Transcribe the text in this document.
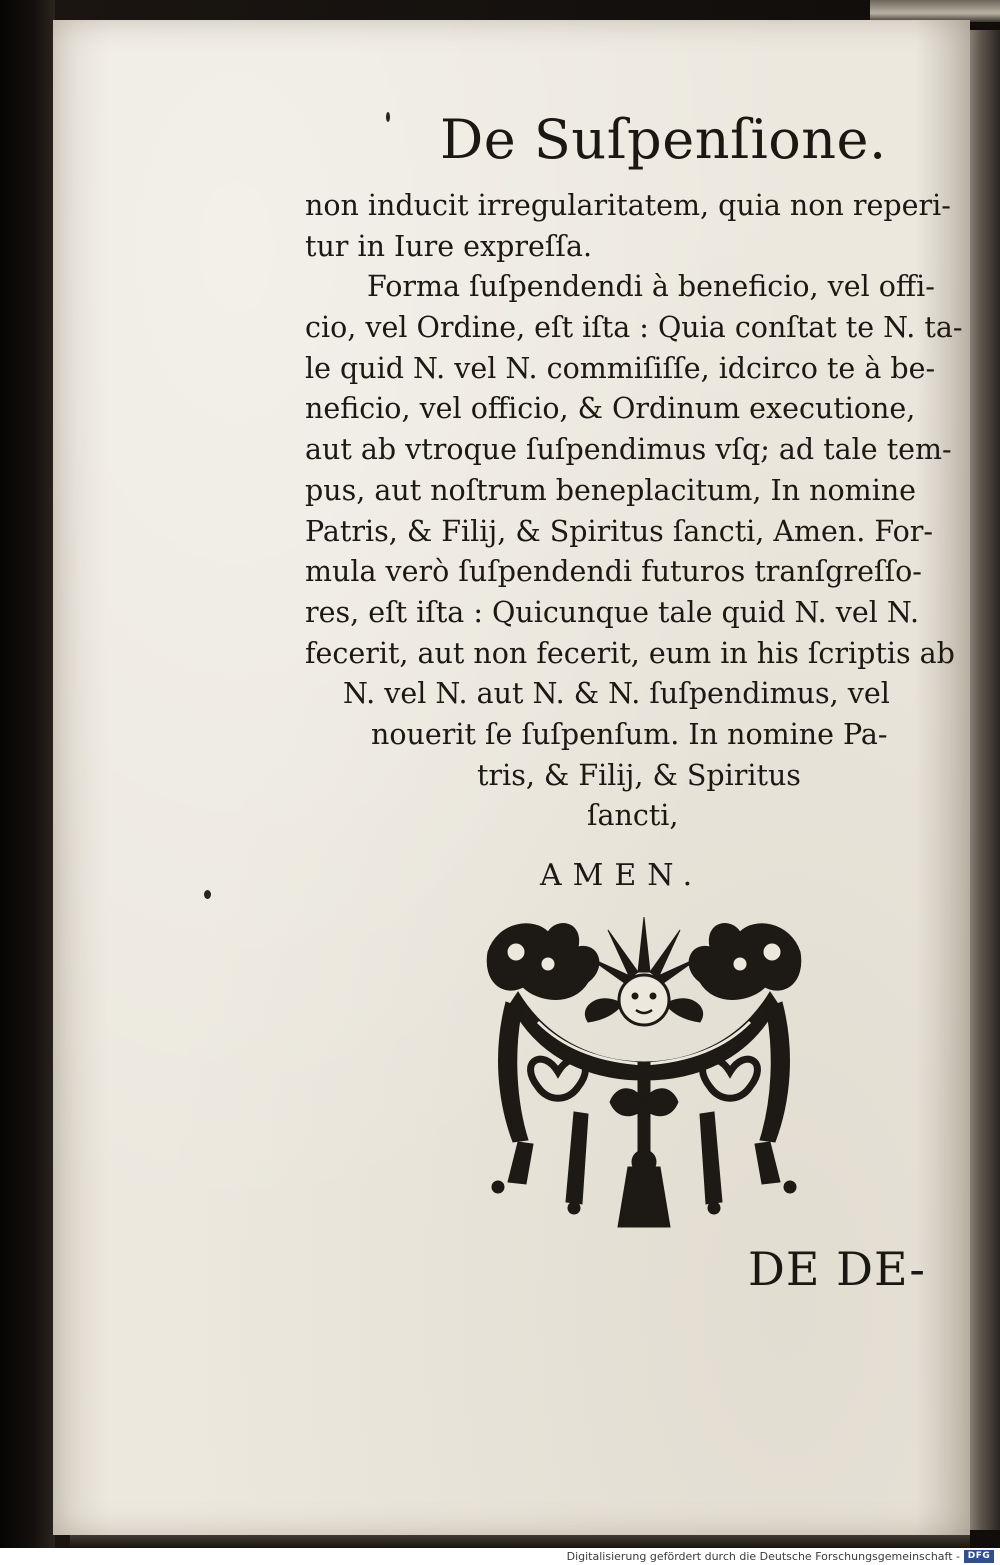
De Suſpenſione.
non inducit irregularitatem, quia non reperi-
tur in Iure expreſſa.
Forma ſuſpendendi à beneficio, vel offi-
cio, vel Ordine, eſt iſta : Quia conſtat te N. ta-
le quid N. vel N. commiſiſſe, idcirco te à be-
neficio, vel officio, & Ordinum executione,
aut ab vtroque ſuſpendimus vſq; ad tale tem-
pus, aut noſtrum beneplacitum, In nomine
Patris, & Filij, & Spiritus ſancti, Amen. For-
mula verò ſuſpendendi futuros tranſgreſſo-
res, eſt iſta : Quicunque tale quid N. vel N.
fecerit, aut non fecerit, eum in his ſcriptis ab
N. vel N. aut N. & N. ſuſpendimus, vel
nouerit ſe ſuſpenſum. In nomine Pa-
tris, & Filij, & Spiritus
ſancti,
AMEN.
DE DE-
Digitalisierung gefördert durch die Deutsche Forschungsgemeinschaft - DFG
